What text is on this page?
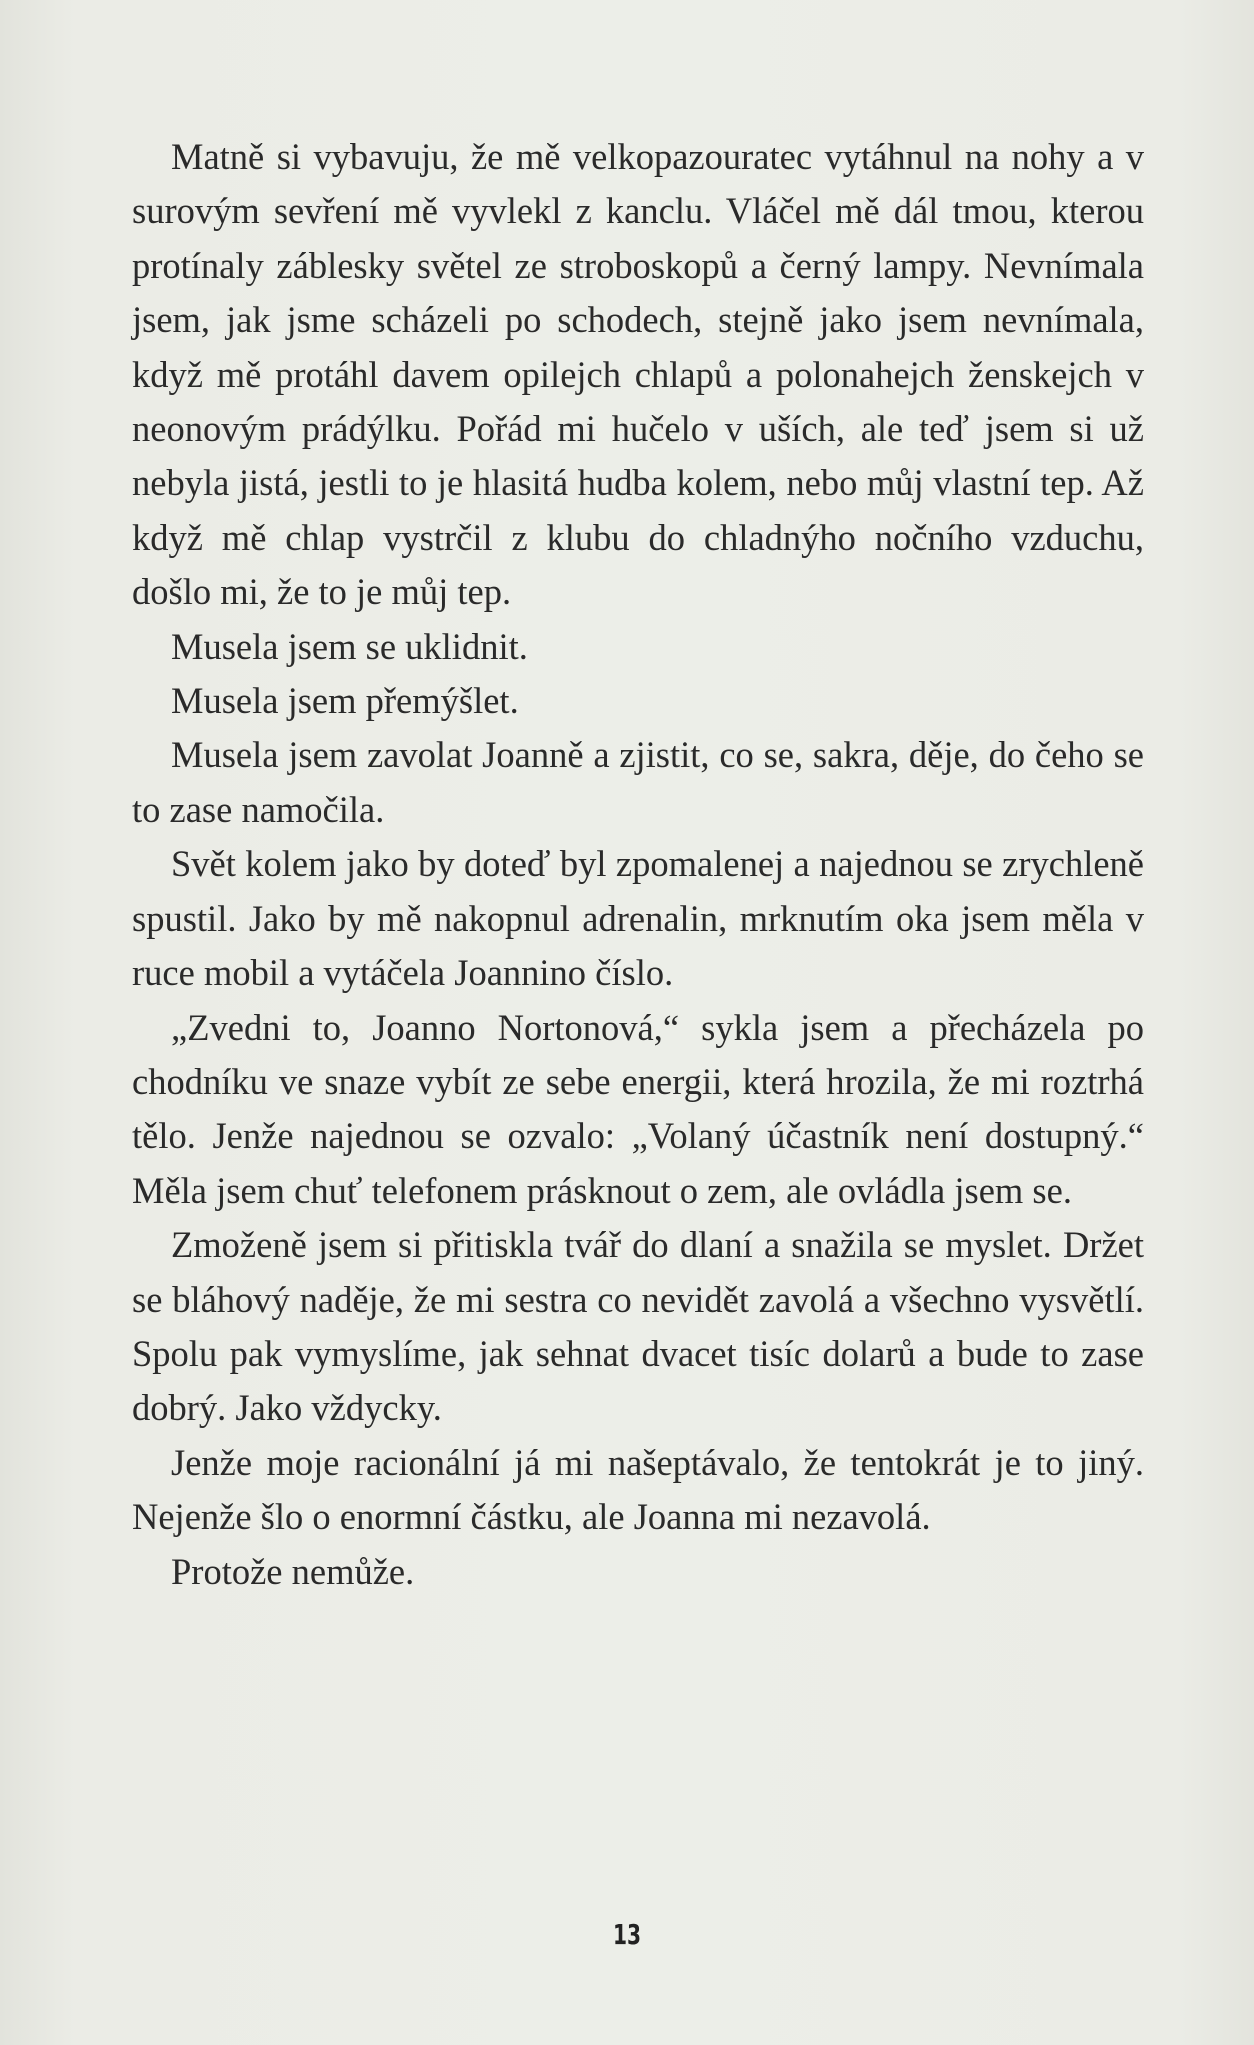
Matně si vybavuju, že mě velkopazouratec vytáhnul na nohy a v surovým sevření mě vyvlekl z kanclu. Vláčel mě dál tmou, kterou protínaly záblesky světel ze stroboskopů a černý lampy. Nevnímala jsem, jak jsme scházeli po schodech, stejně jako jsem nevnímala, když mě protáhl davem opilejch chlapů a polonahejch ženskejch v neonovým prádýlku. Pořád mi hučelo v uších, ale teď jsem si už nebyla jistá, jestli to je hlasitá hudba kolem, nebo můj vlastní tep. Až když mě chlap vystrčil z klubu do chladnýho nočního vzduchu, došlo mi, že to je můj tep.

Musela jsem se uklidnit.

Musela jsem přemýšlet.

Musela jsem zavolat Joanně a zjistit, co se, sakra, děje, do čeho se to zase namočila.

Svět kolem jako by doteď byl zpomalenej a najednou se zrychleně spustil. Jako by mě nakopnul adrenalin, mrknutím oka jsem měla v ruce mobil a vytáčela Joannino číslo.

„Zvedni to, Joanno Nortonová,“ sykla jsem a přecházela po chodníku ve snaze vybít ze sebe energii, která hrozila, že mi roztrhá tělo. Jenže najednou se ozvalo: „Volaný účastník není dostupný.“ Měla jsem chuť telefonem prásknout o zem, ale ovládla jsem se.

Zmoženě jsem si přitiskla tvář do dlaní a snažila se myslet. Držet se bláhový naděje, že mi sestra co nevidět zavolá a všechno vysvětlí. Spolu pak vymyslíme, jak sehnat dvacet tisíc dolarů a bude to zase dobrý. Jako vždycky.

Jenže moje racionální já mi našeptávalo, že tentokrát je to jiný. Nejenže šlo o enormní částku, ale Joanna mi nezavolá.

Protože nemůže.

13
